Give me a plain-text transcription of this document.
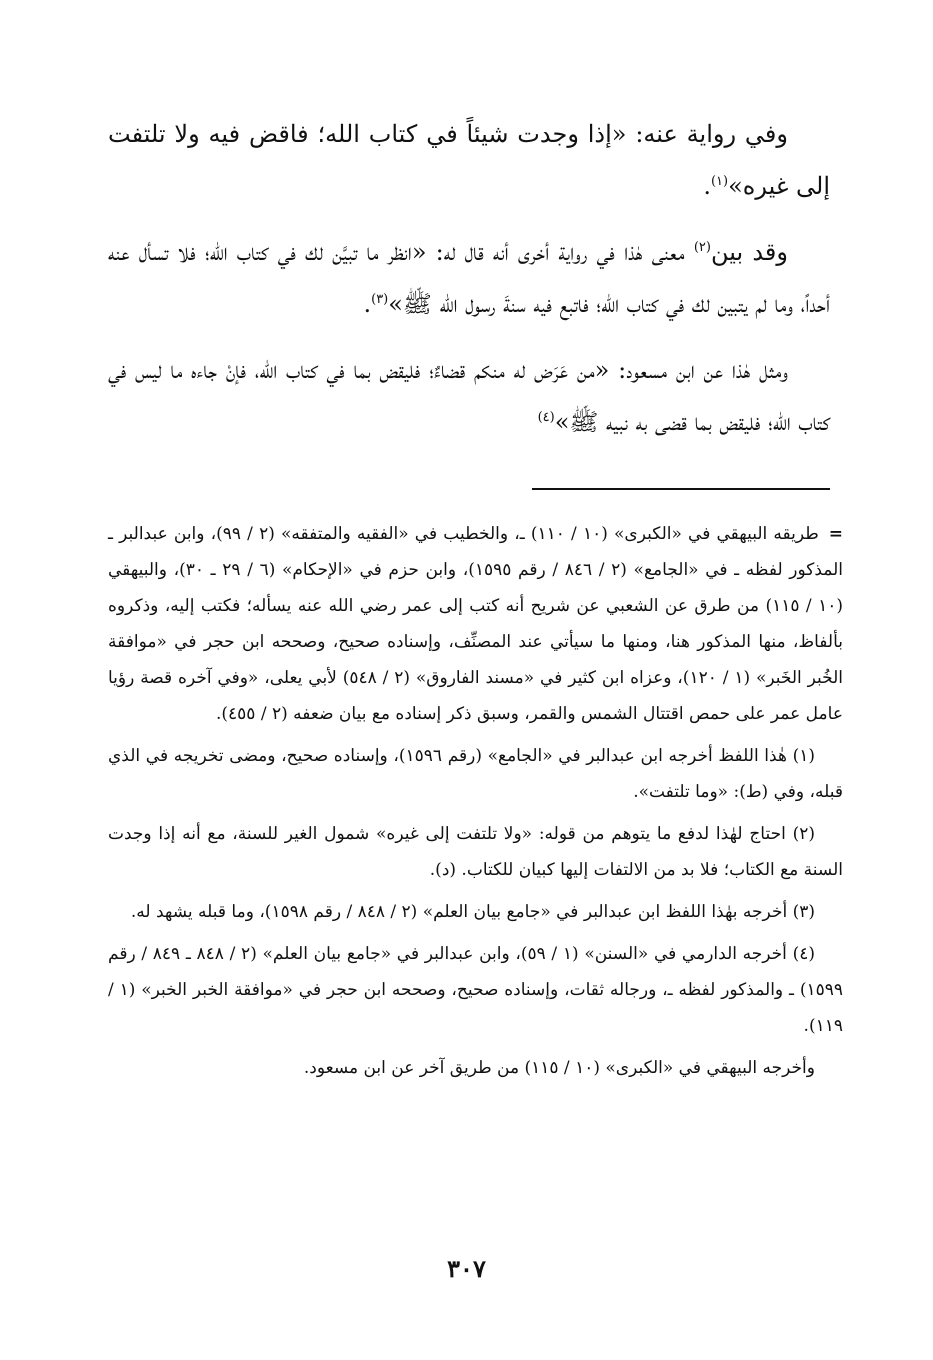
وفي رواية عنه: «إذا وجدت شيئاً في كتاب الله؛ فاقض فيه ولا تلتفت إلى غيره»$^{(١)}$.

وقد بين$^{(٢)}$ معنى هٰذا في رواية أخرى أنه قال له: «انظر ما تبيَّن لك في كتاب الله؛ فلا تسأل عنه أحداً، وما لم يتبين لك في كتاب الله؛ فاتبع فيه سنةَ رسول الله ﷺ»$^{(٣)}$.

ومثل هٰذا عن ابن مسعود: «من عَرَض له منكم قضاءٌ؛ فليقض بما في كتاب الله، فإنْ جاءه ما ليس في كتاب الله؛ فليقض بما قضى به نبيه ﷺ»$^{(٤)}$

=طريقه البيهقي في «الكبرى» (١٠ / ١١٠) ـ، والخطيب في «الفقيه والمتفقه» (٢ / ٩٩)، وابن عبدالبر ـ المذكور لفظه ـ في «الجامع» (٢ / ٨٤٦ / رقم ١٥٩٥)، وابن حزم في «الإحكام» (٦ / ٢٩ ـ ٣٠)، والبيهقي (١٠ / ١١٥) من طرق عن الشعبي عن شريح أنه كتب إلى عمر رضي الله عنه يسأله؛ فكتب إليه، وذكروه بألفاظ، منها المذكور هنا، ومنها ما سيأتي عند المصنِّف، وإسناده صحيح، وصححه ابن حجر في «موافقة الخُبر الخَبر» (١ / ١٢٠)، وعزاه ابن كثير في «مسند الفاروق» (٢ / ٥٤٨) لأبي يعلى، «وفي آخره قصة رؤيا عامل عمر على حمص اقتتال الشمس والقمر، وسبق ذكر إسناده مع بيان ضعفه (٢ / ٤٥٥).

(١) هٰذا اللفظ أخرجه ابن عبدالبر في «الجامع» (رقم ١٥٩٦)، وإسناده صحيح، ومضى تخريجه في الذي قبله، وفي (ط): «وما تلتفت».

(٢) احتاج لهٰذا لدفع ما يتوهم من قوله: «ولا تلتفت إلى غيره» شمول الغير للسنة، مع أنه إذا وجدت السنة مع الكتاب؛ فلا بد من الالتفات إليها كبيان للكتاب. (د).

(٣) أخرجه بهٰذا اللفظ ابن عبدالبر في «جامع بيان العلم» (٢ / ٨٤٨ / رقم ١٥٩٨)، وما قبله يشهد له.

(٤) أخرجه الدارمي في «السنن» (١ / ٥٩)، وابن عبدالبر في «جامع بيان العلم» (٢ / ٨٤٨ ـ ٨٤٩ / رقم ١٥٩٩) ـ والمذكور لفظه ـ، ورجاله ثقات، وإسناده صحيح، وصححه ابن حجر في «موافقة الخبر الخبر» (١ / ١١٩).

وأخرجه البيهقي في «الكبرى» (١٠ / ١١٥) من طريق آخر عن ابن مسعود.

٣٠٧
